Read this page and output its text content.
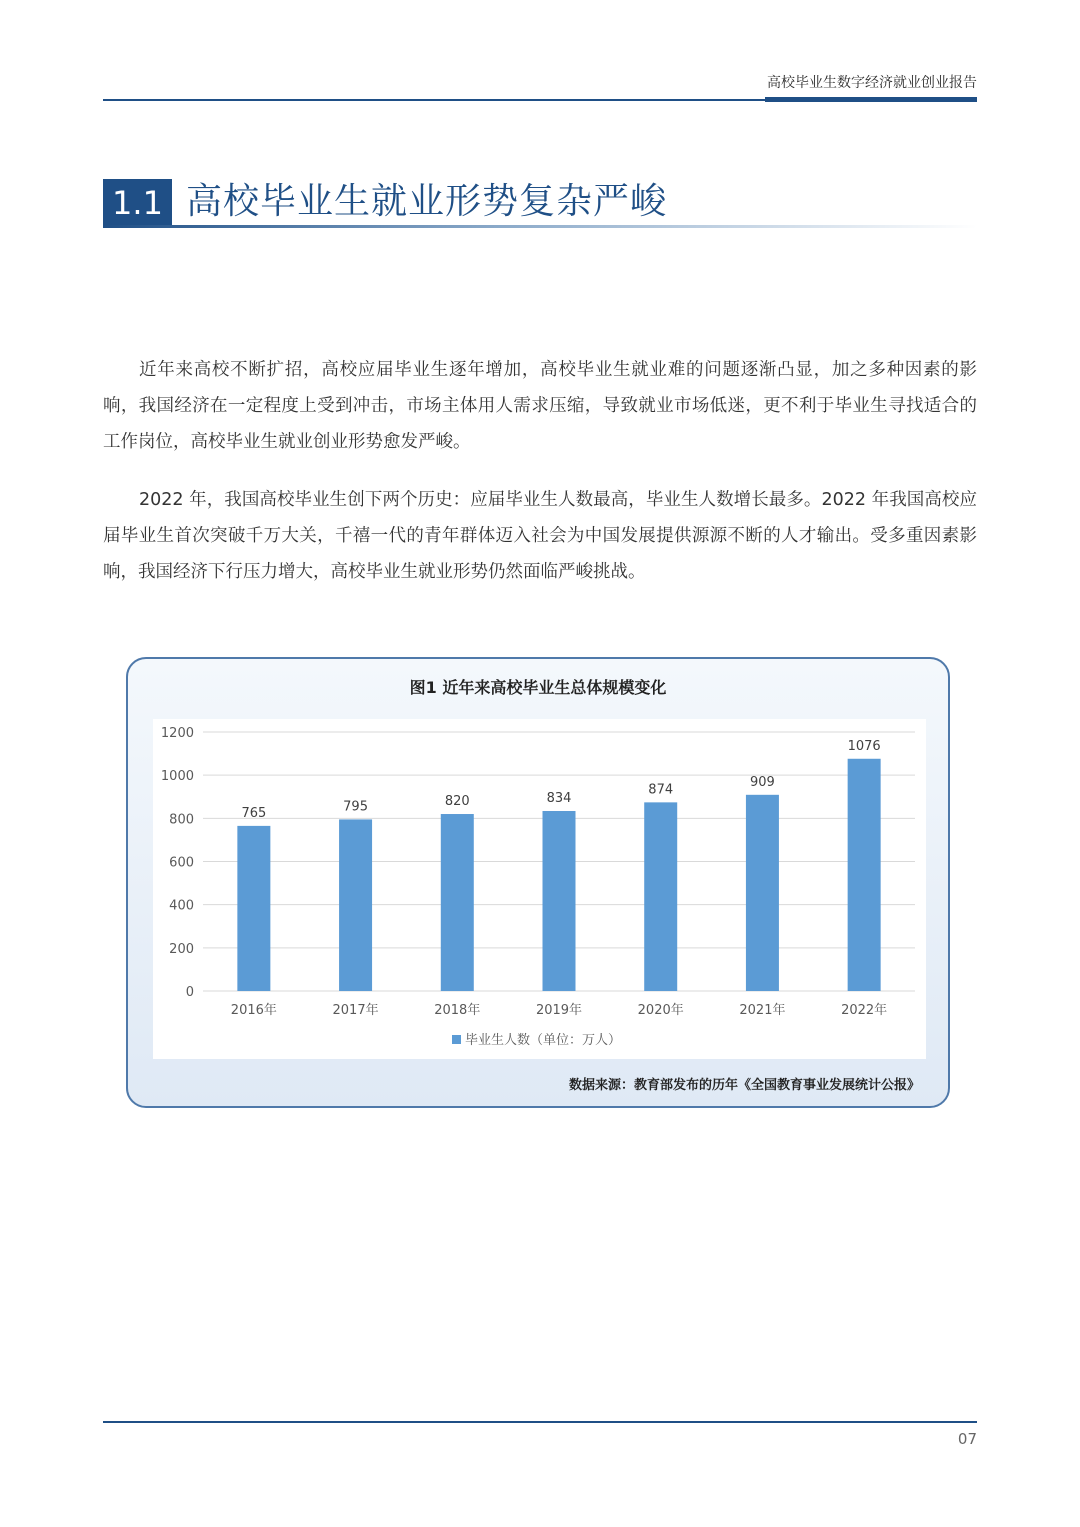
高校毕业生数字经济就业创业报告
1.1 高校毕业生就业形势复杂严峻

近年来高校不断扩招，高校应届毕业生逐年增加，高校毕业生就业难的问题逐渐凸显，加之多种因素的影响，我国经济在一定程度上受到冲击，市场主体用人需求压缩，导致就业市场低迷，更不利于毕业生寻找适合的工作岗位，高校毕业生就业创业形势愈发严峻。

2022 年，我国高校毕业生创下两个历史：应届毕业生人数最高，毕业生人数增长最多。2022 年我国高校应届毕业生首次突破千万大关，千禧一代的青年群体迈入社会为中国发展提供源源不断的人才输出。受多重因素影响，我国经济下行压力增大，高校毕业生就业形势仍然面临严峻挑战。

图1 近年来高校毕业生总体规模变化
765	795	820	834
874
909
1076
0
200
400
600
800
1000
1200
2016年	2017年	2018年	2019年	2020年	2021年	2022年
毕业生人数（单位：万人）
数据来源：教育部发布的历年《全国教育事业发展统计公报》
07
